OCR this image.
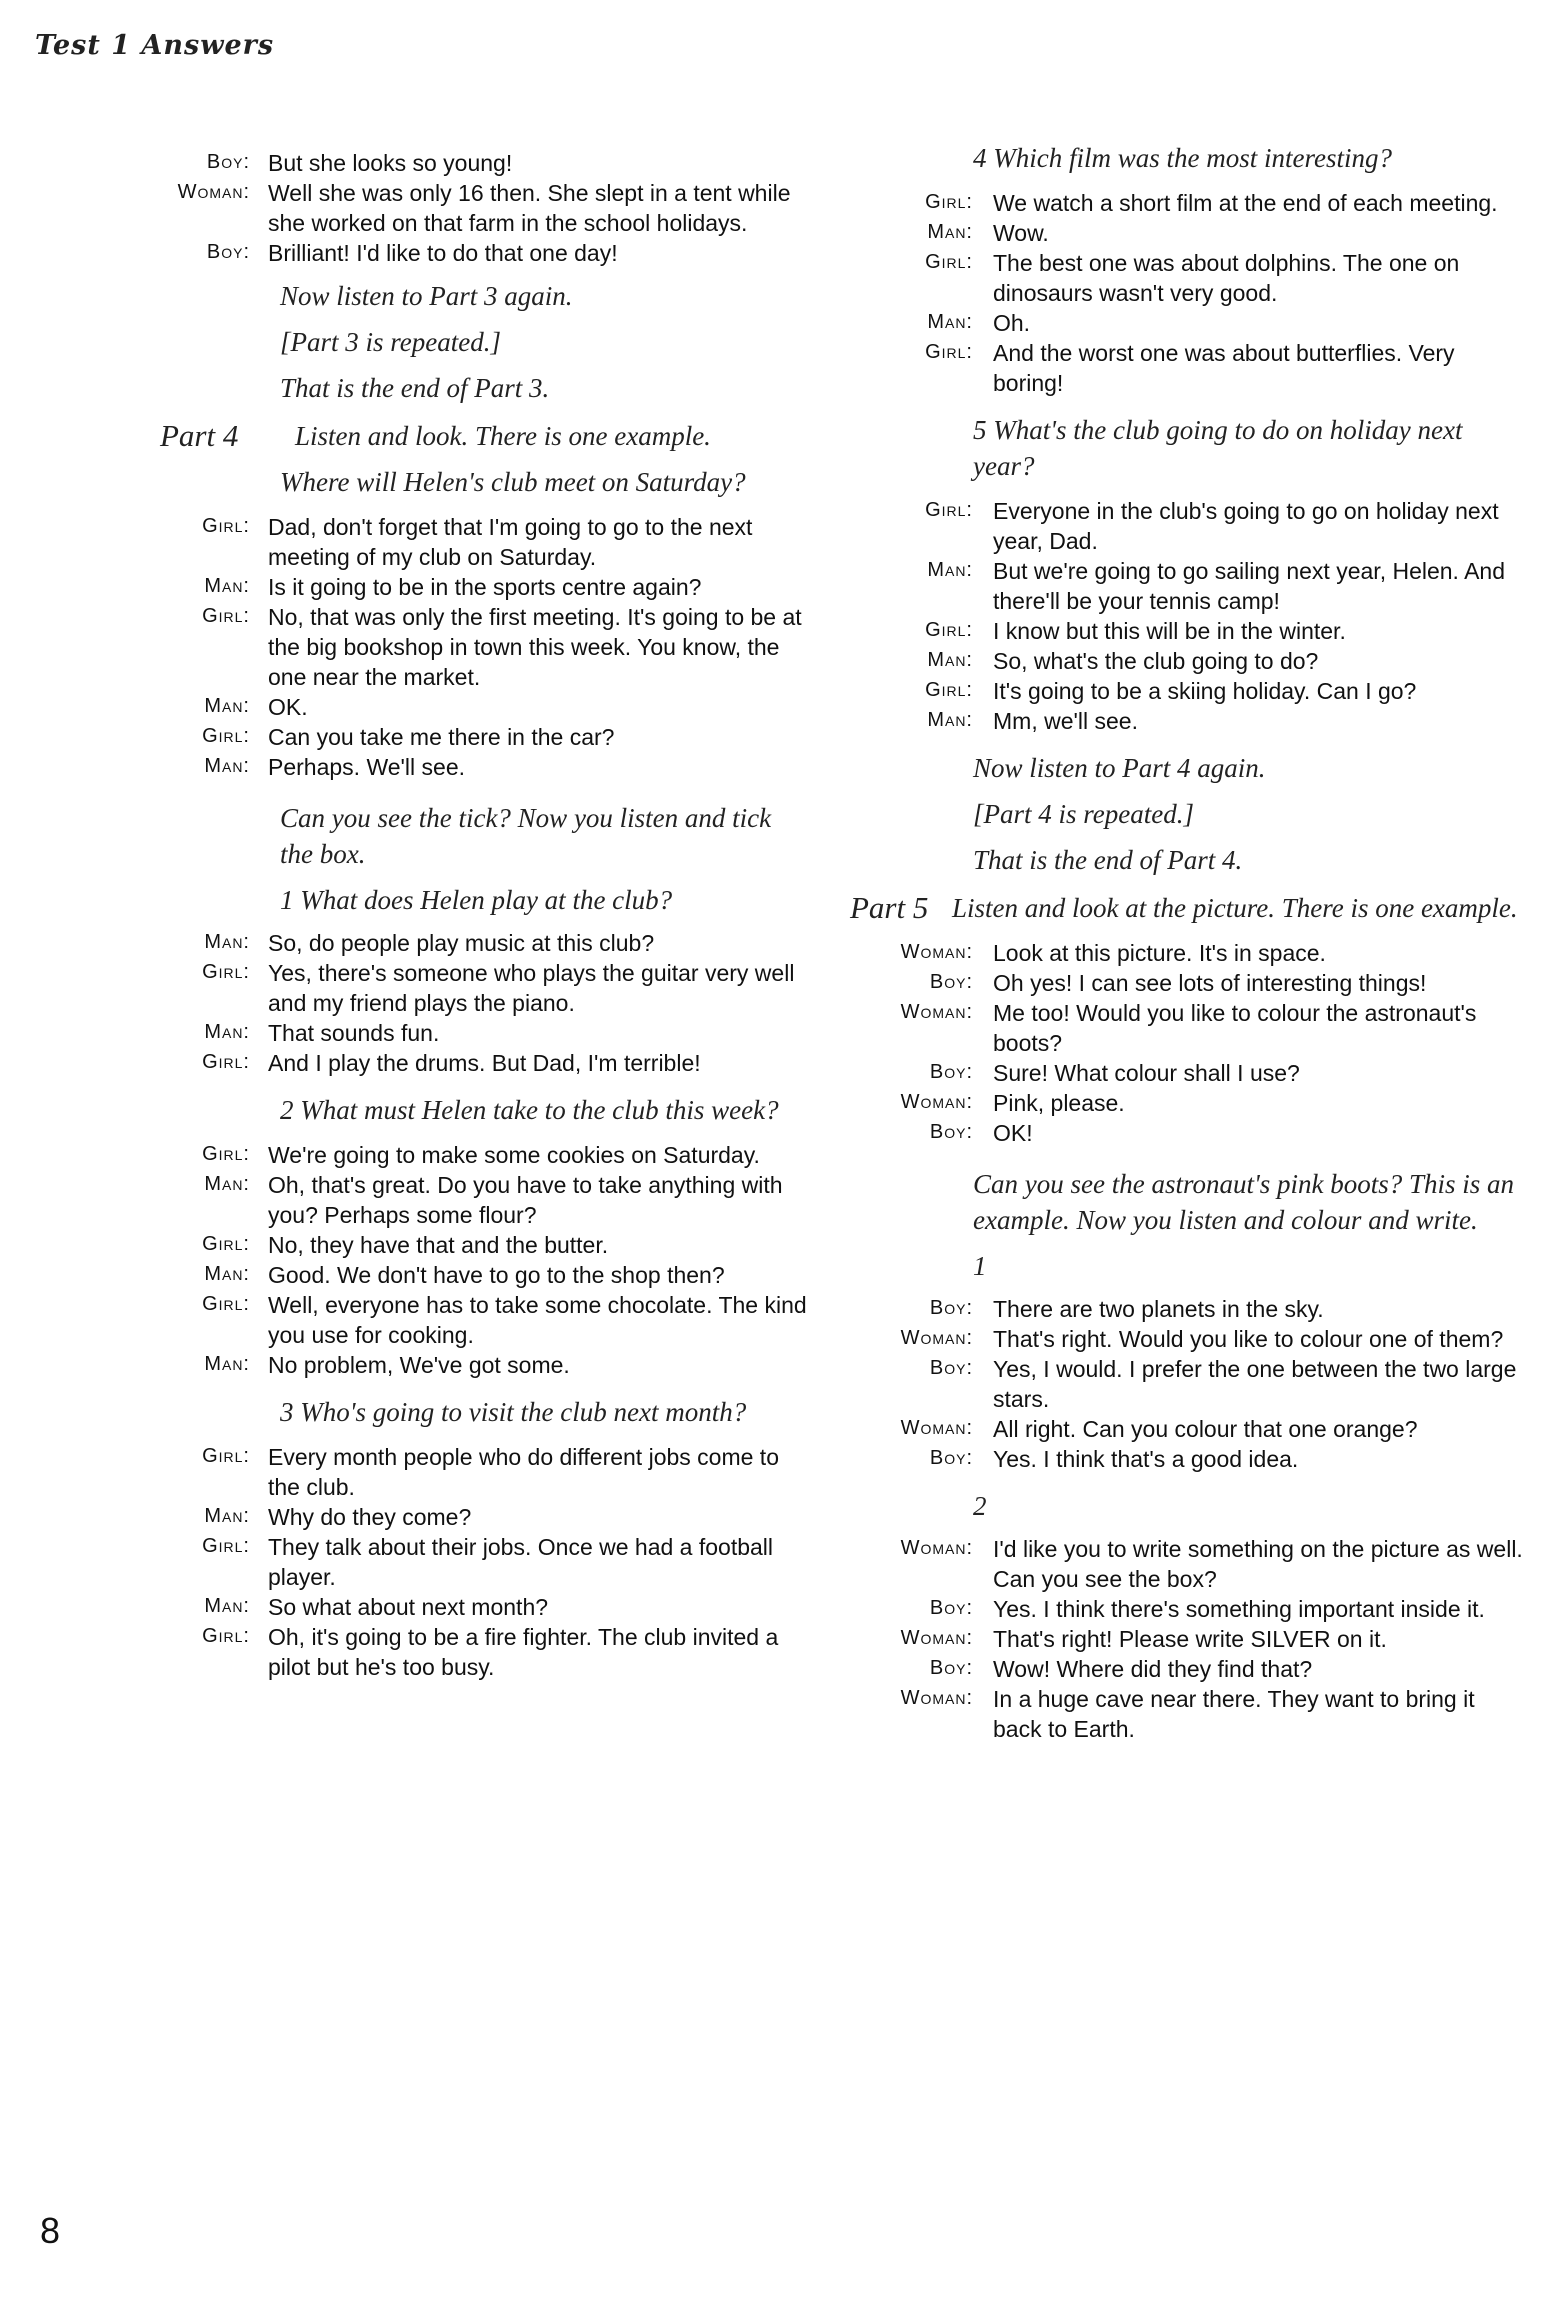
Test 1 Answers
Boy: But she looks so young!
Woman: Well she was only 16 then. She slept in a tent while she worked on that farm in the school holidays.
Boy: Brilliant! I'd like to do that one day!
Now listen to Part 3 again.
[Part 3 is repeated.]
That is the end of Part 3.
Part 4	Listen and look. There is one example.
Where will Helen's club meet on Saturday?
Girl: Dad, don't forget that I'm going to go to the next meeting of my club on Saturday.
Man: Is it going to be in the sports centre again?
Girl: No, that was only the first meeting. It's going to be at the big bookshop in town this week. You know, the one near the market.
Man: OK.
Girl: Can you take me there in the car?
Man: Perhaps. We'll see.
Can you see the tick? Now you listen and tick the box.
1 What does Helen play at the club?
Man: So, do people play music at this club?
Girl: Yes, there's someone who plays the guitar very well and my friend plays the piano.
Man: That sounds fun.
Girl: And I play the drums. But Dad, I'm terrible!
2 What must Helen take to the club this week?
Girl: We're going to make some cookies on Saturday.
Man: Oh, that's great. Do you have to take anything with you? Perhaps some flour?
Girl: No, they have that and the butter.
Man: Good. We don't have to go to the shop then?
Girl: Well, everyone has to take some chocolate. The kind you use for cooking.
Man: No problem, We've got some.
3 Who's going to visit the club next month?
Girl: Every month people who do different jobs come to the club.
Man: Why do they come?
Girl: They talk about their jobs. Once we had a football player.
Man: So what about next month?
Girl: Oh, it's going to be a fire fighter. The club invited a pilot but he's too busy.
4 Which film was the most interesting?
Girl: We watch a short film at the end of each meeting.
Man: Wow.
Girl: The best one was about dolphins. The one on dinosaurs wasn't very good.
Man: Oh.
Girl: And the worst one was about butterflies. Very boring!
5 What's the club going to do on holiday next year?
Girl: Everyone in the club's going to go on holiday next year, Dad.
Man: But we're going to go sailing next year, Helen. And there'll be your tennis camp!
Girl: I know but this will be in the winter.
Man: So, what's the club going to do?
Girl: It's going to be a skiing holiday. Can I go?
Man: Mm, we'll see.
Now listen to Part 4 again.
[Part 4 is repeated.]
That is the end of Part 4.
Part 5 Listen and look at the picture. There is one example.
Woman: Look at this picture. It's in space.
Boy: Oh yes! I can see lots of interesting things!
Woman: Me too! Would you like to colour the astronaut's boots?
Boy: Sure! What colour shall I use?
Woman: Pink, please.
Boy: OK!
Can you see the astronaut's pink boots? This is an example. Now you listen and colour and write.
1
Boy: There are two planets in the sky.
Woman: That's right. Would you like to colour one of them?
Boy: Yes, I would. I prefer the one between the two large stars.
Woman: All right. Can you colour that one orange?
Boy: Yes. I think that's a good idea.
2
Woman: I'd like you to write something on the picture as well. Can you see the box?
Boy: Yes. I think there's something important inside it.
Woman: That's right! Please write SILVER on it.
Boy: Wow! Where did they find that?
Woman: In a huge cave near there. They want to bring it back to Earth.
8
